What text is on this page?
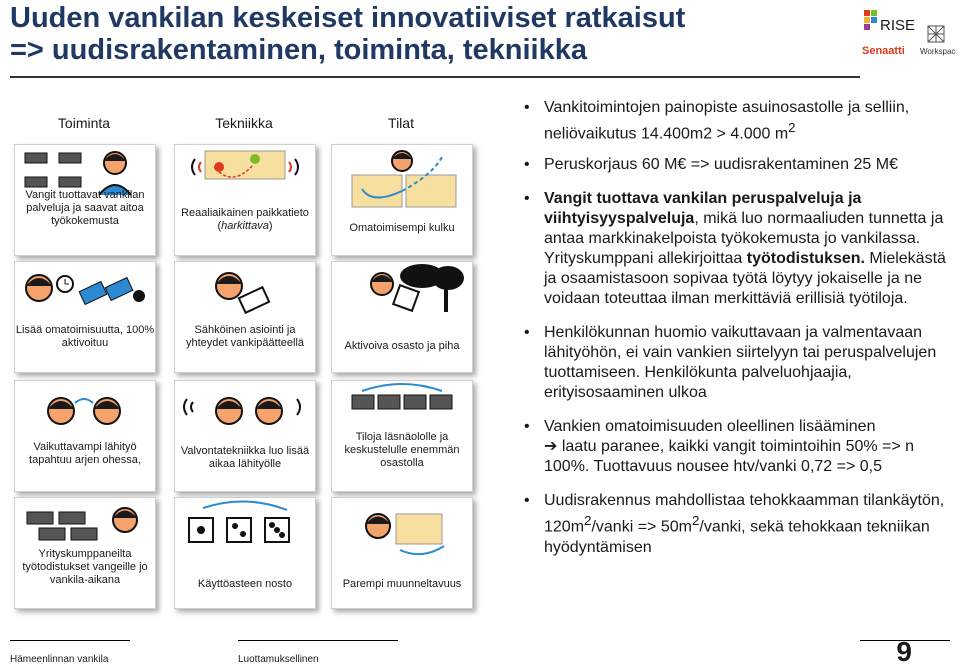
Uuden vankilan keskeiset innovatiiviset ratkaisut
=> uudisrakentaminen, toiminta, tekniikka
RISE
Senaatti Workspace
Toiminta	Tekniikka	Tilat
Vangit tuottavat vankilan palveluja ja saavat aitoa työkokemusta
Reaaliaikainen paikkatieto (harkittava)	Omatoimisempi kulku
Lisää omatoimisuutta, 100% aktivoituu
Sähköinen asiointi ja yhteydet vankipäätteellä	Aktivoiva osasto ja piha
Vaikuttavampi lähityö tapahtuu arjen ohessa,
Valvontatekniikka luo lisää aikaa lähityölle
Tiloja läsnäololle ja keskustelulle enemmän osastolla
Yrityskumppaneilta työtodistukset vangeille jo vankila-aikana	Käyttöasteen nosto	Parempi muunneltavuus
• Vankitoimintojen painopiste asuinosastolle ja selliin, neliövaikutus 14.400m2 > 4.000 $m^2$
• Peruskorjaus 60 M€ => uudisrakentaminen 25 M€
• Vangit tuottava vankilan peruspalveluja ja viihtyisyyspalveluja, mikä luo normaaliuden tunnetta ja antaa markkinakelpoista työkokemusta jo vankilassa. Yrityskumppani allekirjoittaa työtodistuksen. Mielekästä ja osaamistasoon sopivaa työtä löytyy jokaiselle ja ne voidaan toteuttaa ilman merkittäviä erillisiä työtiloja.
• Henkilökunnan huomio vaikuttavaan ja valmentavaan lähityöhön, ei vain vankien siirtelyyn tai peruspalvelujen tuottamiseen. Henkilökunta palveluohjaajia, erityisosaaminen ulkoa
• Vankien omatoimisuuden oleellinen lisääminen
➔ laatu paranee, kaikki vangit toimintoihin 50% => n 100%. Tuottavuus nousee htv/vanki 0,72 => 0,5
• Uudisrakennus mahdollistaa tehokkaamman tilankäytön, $120m^2$/vanki => $50m^2$/vanki, sekä tehokkaan tekniikan hyödyntämisen
Hämeenlinnan vankila	Luottamuksellinen	9
